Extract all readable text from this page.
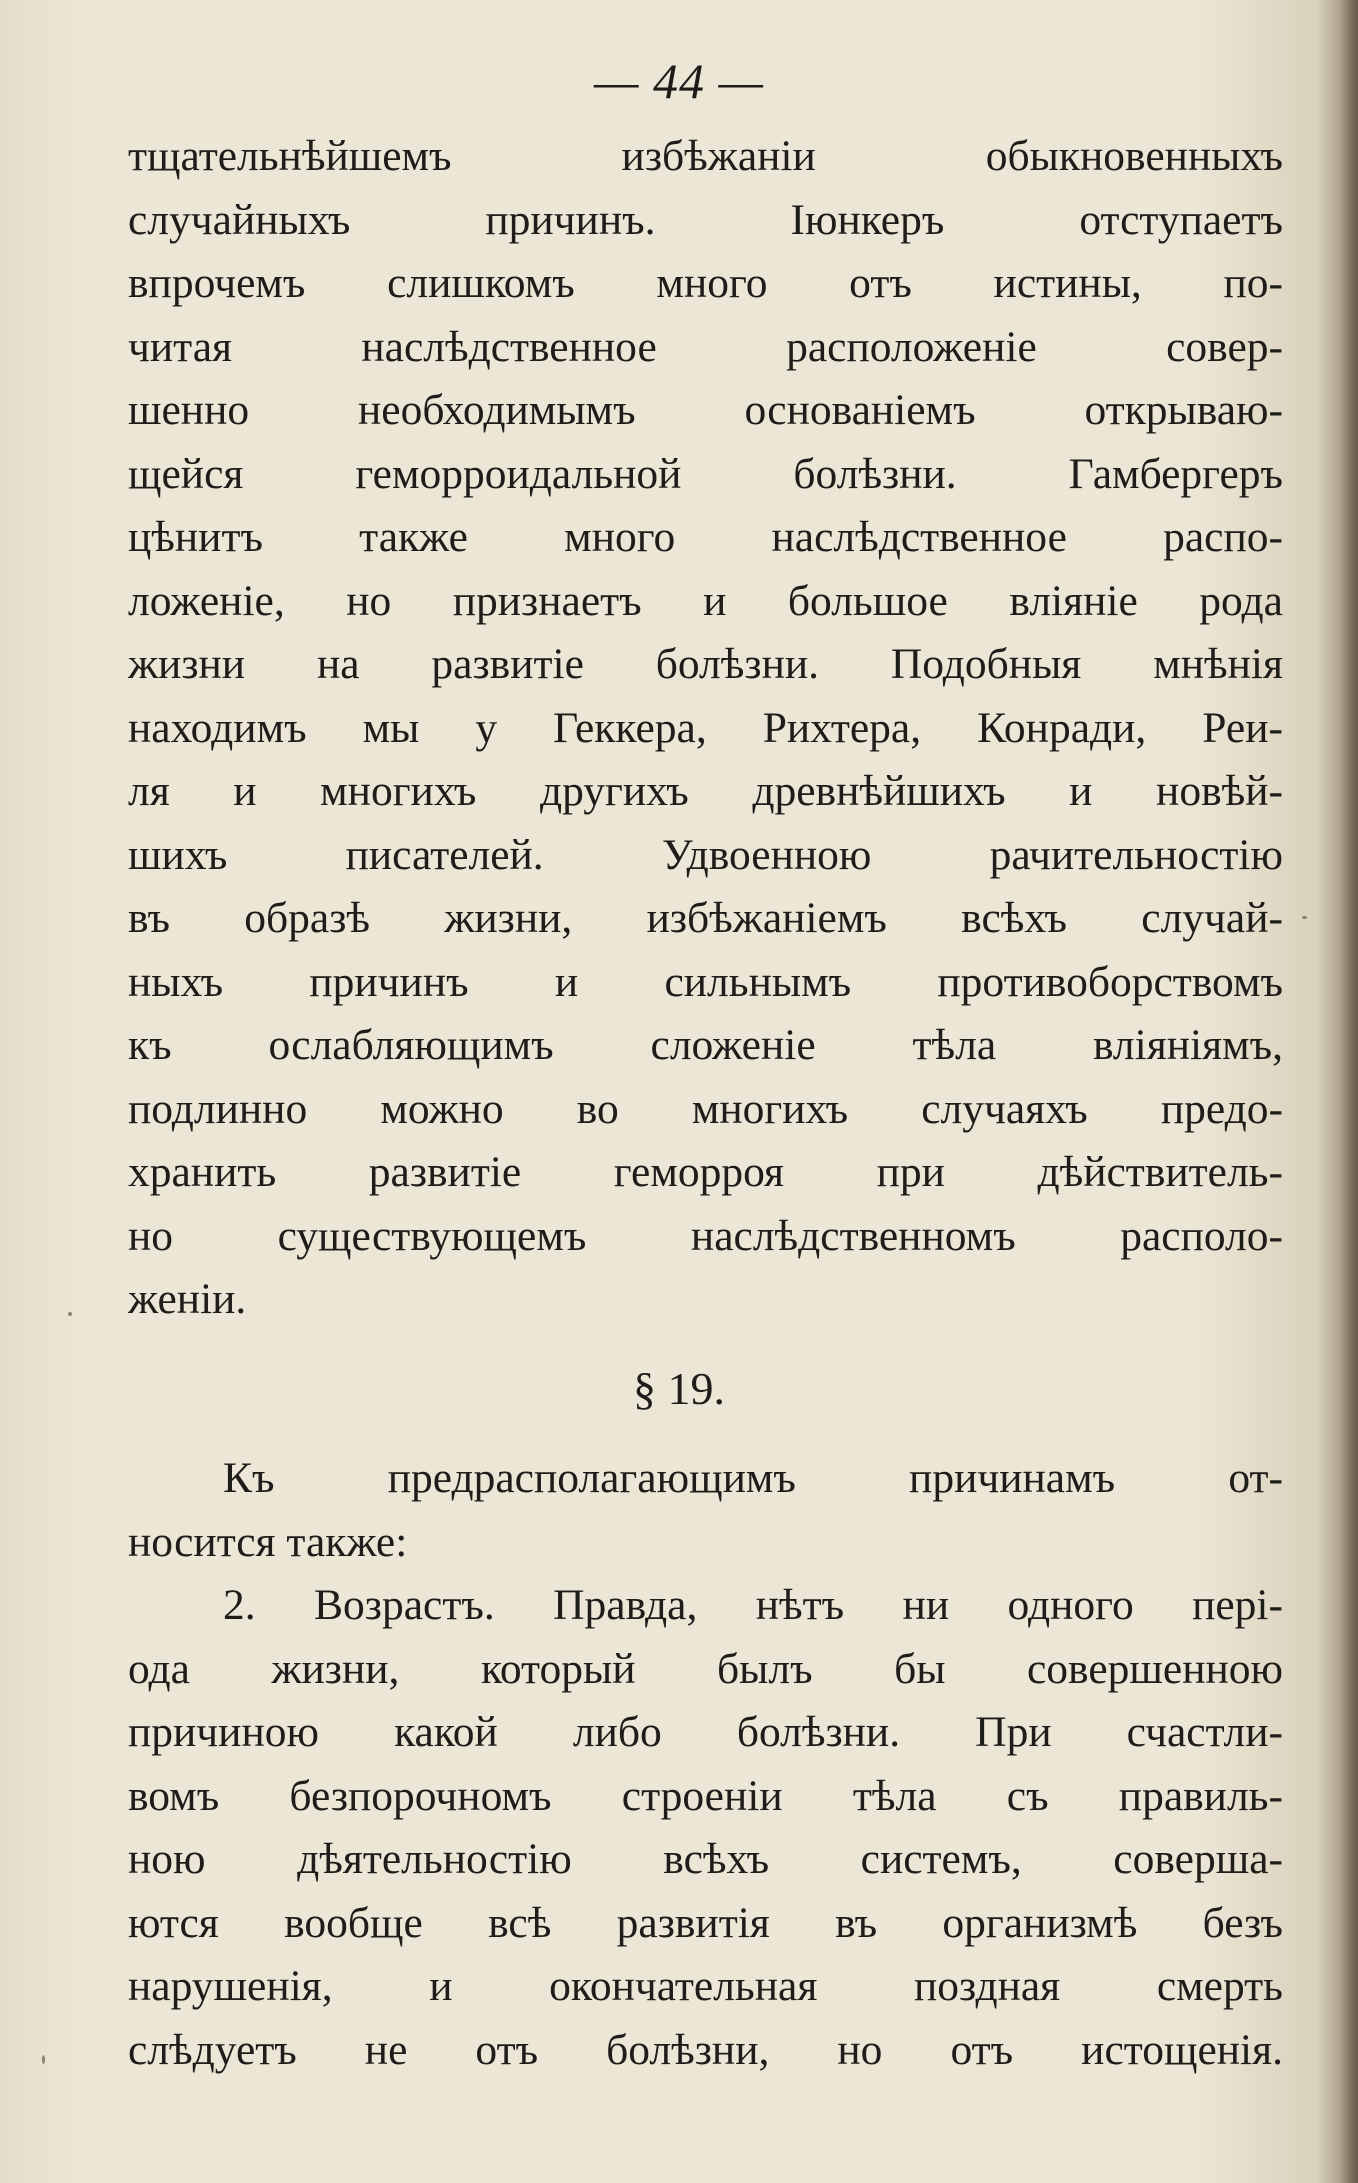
— 44 —
тщательнѣйшемъ избѣжаніи обыкновенныхъ
случайныхъ причинъ. Іюнкеръ отступаетъ
впрочемъ слишкомъ много отъ истины, по-
читая наслѣдственное расположеніе совер-
шенно необходимымъ основаніемъ открываю-
щейся геморроидальной болѣзни. Гамбергеръ
цѣнитъ также много наслѣдственное распо-
ложеніе, но признаетъ и большое вліяніе рода
жизни на развитіе болѣзни. Подобныя мнѣнія
находимъ мы у Геккера, Рихтера, Конради, Реи-
ля и многихъ другихъ древнѣйшихъ и новѣй-
шихъ писателей. Удвоенною рачительностію
въ образѣ жизни, избѣжаніемъ всѣхъ случай-
ныхъ причинъ и сильнымъ противоборствомъ
къ ослабляющимъ сложеніе тѣла вліяніямъ,
подлинно можно во многихъ случаяхъ предо-
хранить развитіе геморроя при дѣйствитель-
но существующемъ наслѣдственномъ располо-
женіи.
§ 19.
Къ предрасполагающимъ причинамъ от-
носится также:
2. Возрастъ. Правда, нѣтъ ни одного пері-
ода жизни, который былъ бы совершенною
причиною какой либо болѣзни. При счастли-
вомъ безпорочномъ строеніи тѣла съ правиль-
ною дѣятельностію всѣхъ системъ, соверша-
ются вообще всѣ развитія въ организмѣ безъ
нарушенія, и окончательная поздная смерть
слѣдуетъ не отъ болѣзни, но отъ истощенія.
